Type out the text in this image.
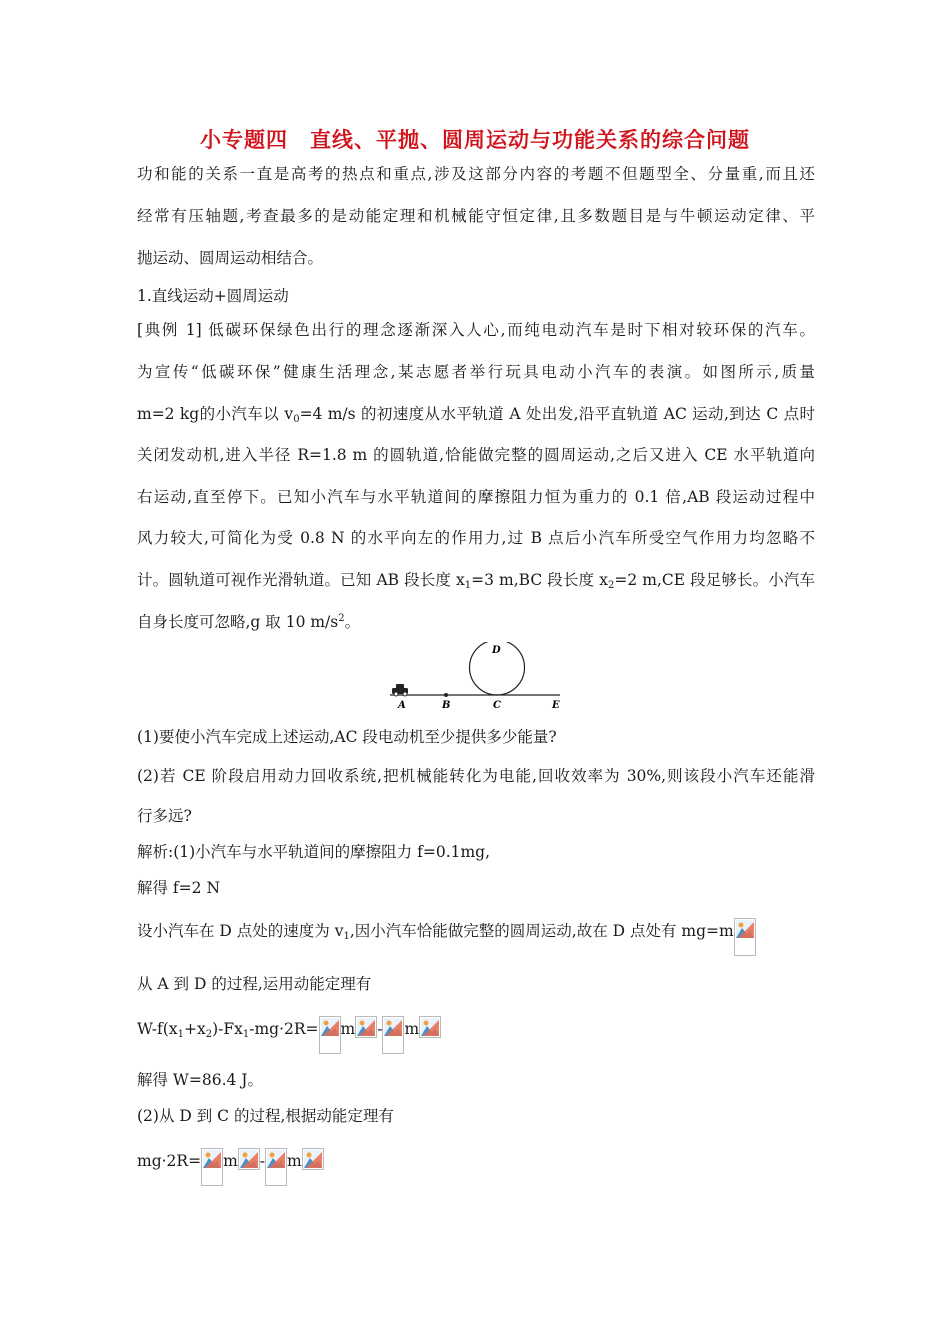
小专题四　直线、平抛、圆周运动与功能关系的综合问题
功和能的关系一直是高考的热点和重点,涉及这部分内容的考题不但题型全、分量重,而且还
经常有压轴题,考查最多的是动能定理和机械能守恒定律,且多数题目是与牛顿运动定律、平
抛运动、圆周运动相结合。
1.直线运动+圆周运动
[典例 1] 低碳环保绿色出行的理念逐渐深入人心,而纯电动汽车是时下相对较环保的汽车。
为宣传“低碳环保”健康生活理念,某志愿者举行玩具电动小汽车的表演。如图所示,质量
m=2 kg的小汽车以 $v_0=4$ m/s 的初速度从水平轨道 A 处出发,沿平直轨道 AC 运动,到达 C 点时
关闭发动机,进入半径 R=1.8 m 的圆轨道,恰能做完整的圆周运动,之后又进入 CE 水平轨道向
右运动,直至停下。已知小汽车与水平轨道间的摩擦阻力恒为重力的 0.1 倍,AB 段运动过程中
风力较大,可简化为受 0.8 N 的水平向左的作用力,过 B 点后小汽车所受空气作用力均忽略不
计。圆轨道可视作光滑轨道。已知 AB 段长度 $x_1=3$ m,BC 段长度 $x_2=2$ m,CE 段足够长。小汽车
自身长度可忽略,g 取 10 $m/s^2$。
A	B	C
D
E
(1)要使小汽车完成上述运动,AC 段电动机至少提供多少能量?
(2)若 CE 阶段启用动力回收系统,把机械能转化为电能,回收效率为 30%,则该段小汽车还能滑
行多远?
解析:(1)小汽车与水平轨道间的摩擦阻力 f=0.1mg,
解得 f=2 N
设小汽车在 D 点处的速度为 $v_1$,因小汽车恰能做完整的圆周运动,故在 D 点处有 mg=m
从 A 到 D 的过程,运用动能定理有
$W-f(x_1+x_2)-Fx_1-mg\cdot 2R= m - m$
解得 W=86.4 J。
(2)从 D 到 C 的过程,根据动能定理有
mg·2R= m - m
